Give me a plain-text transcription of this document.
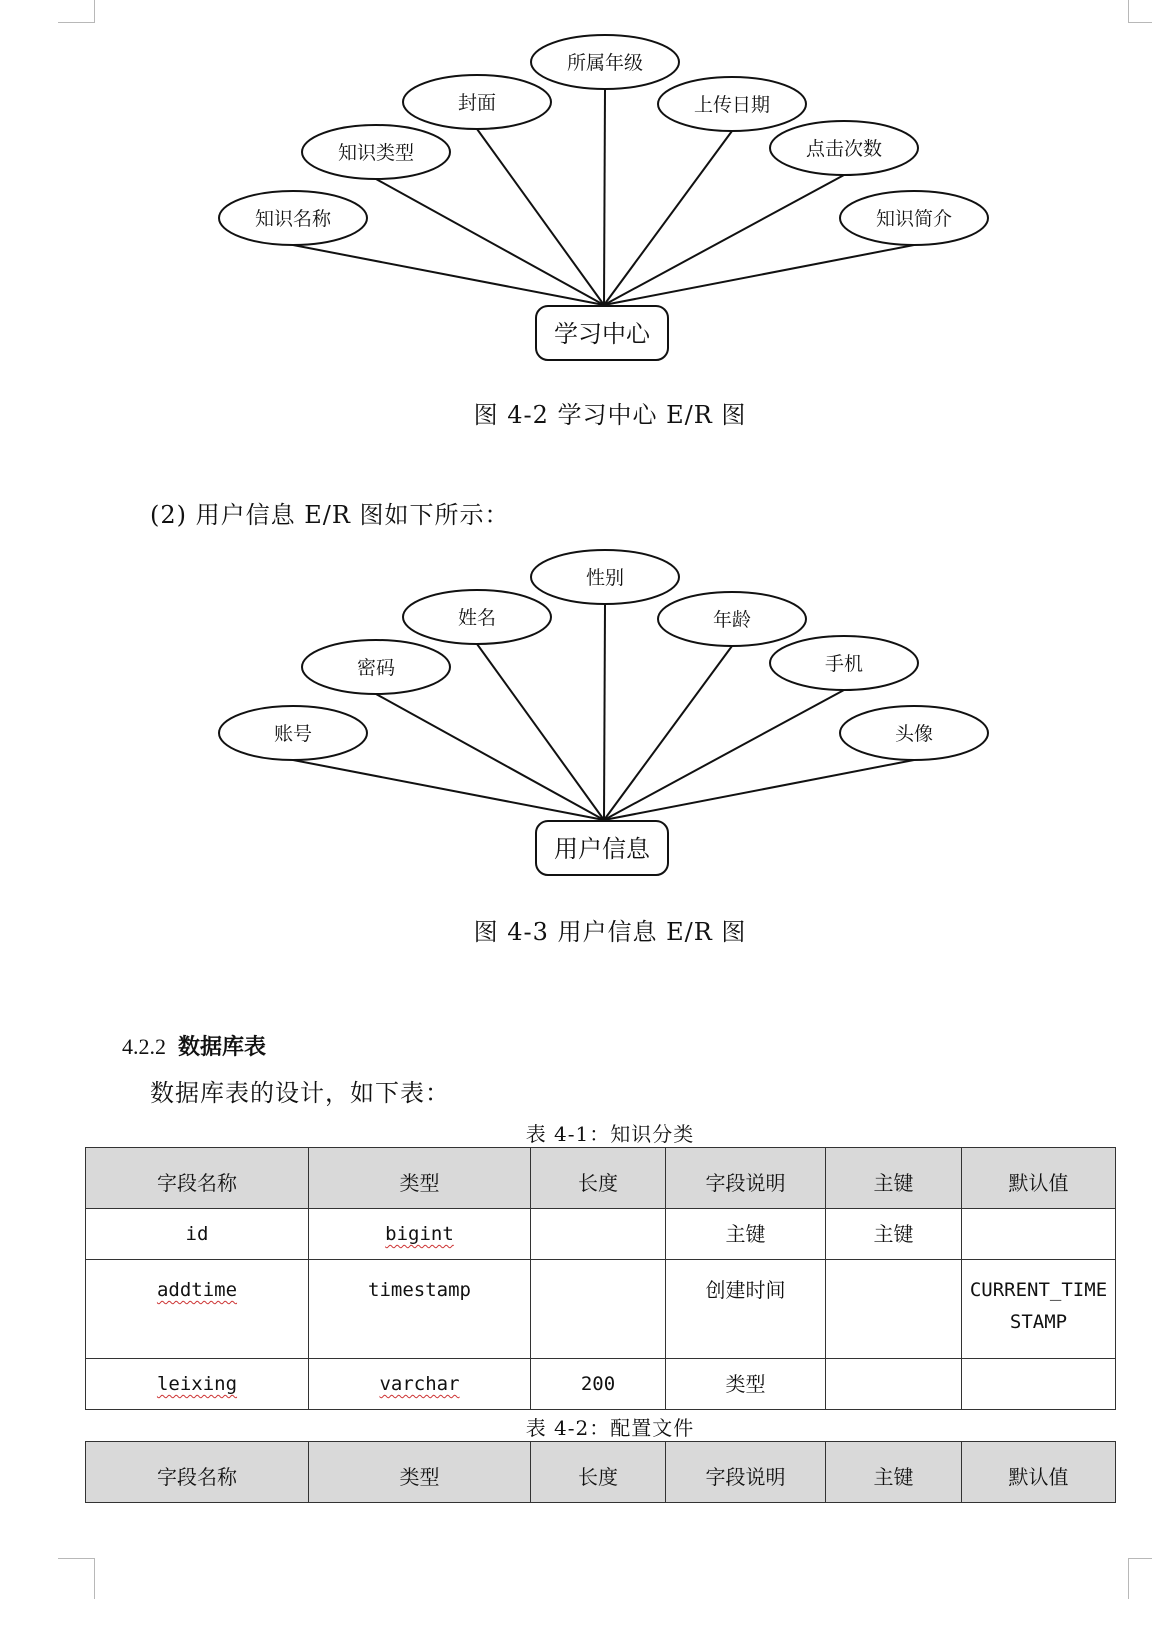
知识名称
知识类型
封面
所属年级
上传日期
点击次数
知识简介
学习中心
图 4-2 学习中心 E/R 图
(2) 用户信息 E/R 图如下所示：
账号
密码
姓名
性别
年龄
手机
头像
用户信息
图 4-3 用户信息 E/R 图
4.2.2 数据库表
数据库表的设计，如下表：
表 4-1：知识分类
字段名称	类型	长度	字段说明	主键	默认值
id	bigint		主键	主键	
addtime	timestamp		创建时间		CURRENT_TIMESTAMP
leixing	varchar	200	类型		
表 4-2：配置文件
字段名称	类型	长度	字段说明	主键	默认值
